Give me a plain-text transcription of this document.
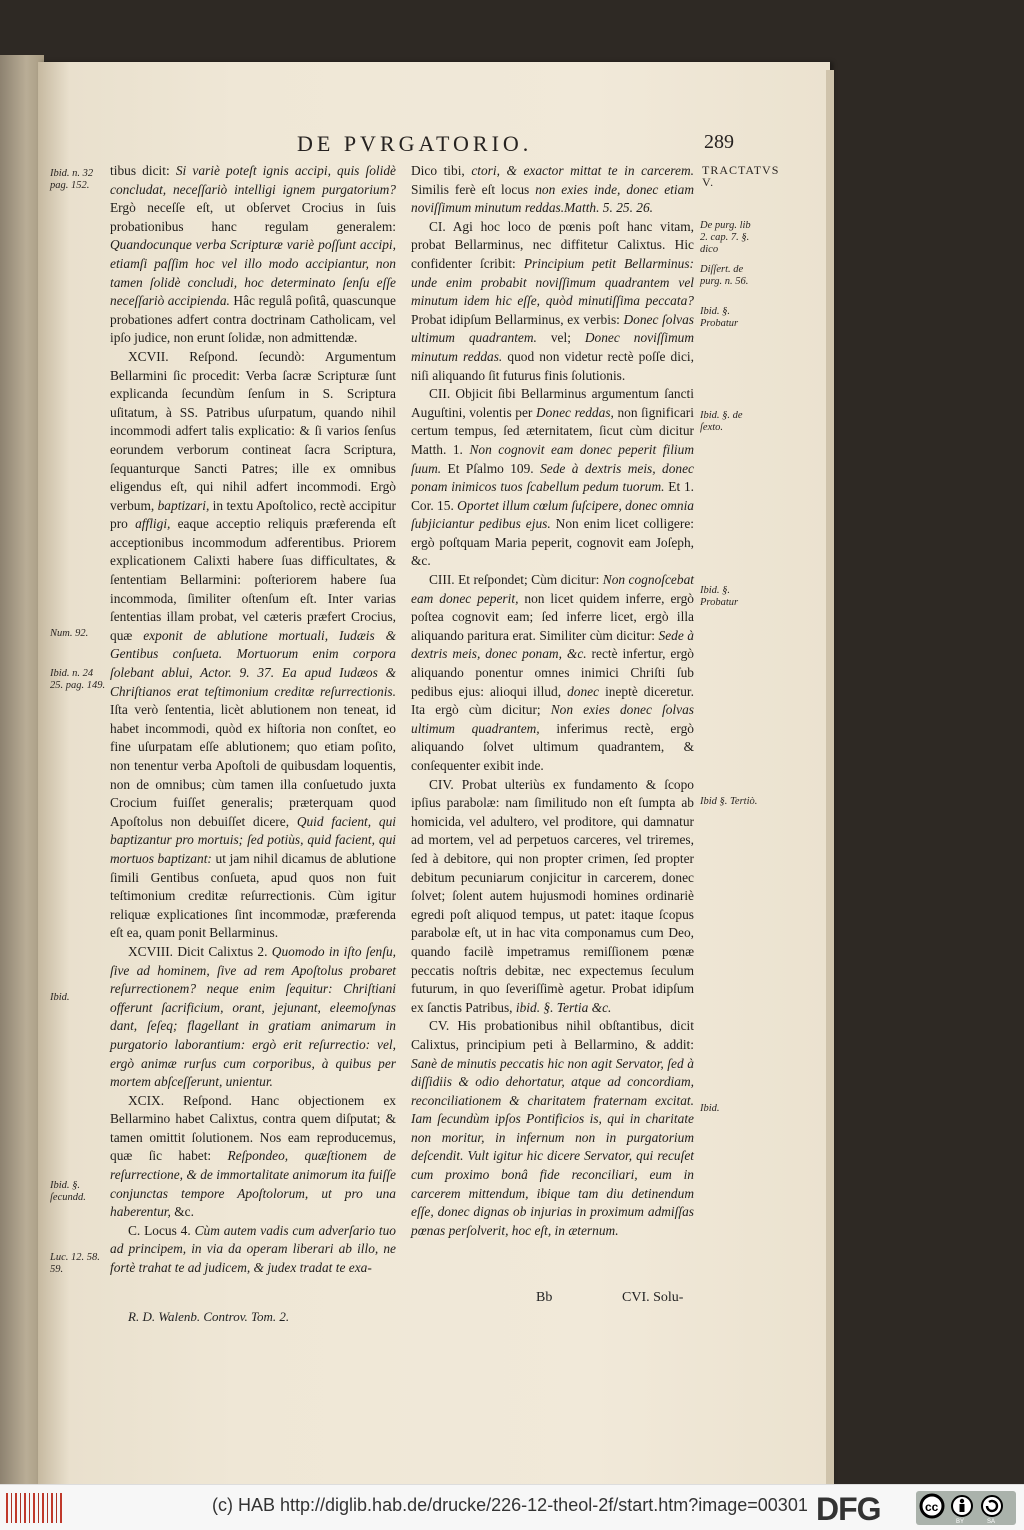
DE PVRGATORIO.	289
Ibid. n. 32 pag. 152.
Num. 92.
Ibid. n. 24 25. pag. 149.
Ibid.
Ibid. §. ſecundd.
Luc. 12. 58. 59.

tibus dicit: Si variè poteſt ignis accipi, quis ſolidè concludat, neceſſariò intelligi ignem purgatorium? Ergò neceſſe eſt, ut obſervet Crocius in ſuis probationibus hanc regulam generalem: Quandocunque verba Scripturæ variè poſſunt accipi, etiamſi paſſim hoc vel illo modo accipiantur, non tamen ſolidè concludi, hoc determinato ſenſu eſſe neceſſariò accipienda. Hâc regulâ poſitâ, quascunque probationes adfert contra doctrinam Catholicam, vel ipſo judice, non erunt ſolidæ, non admittendæ.

XCVII. Reſpond. ſecundò: Argumentum Bellarmini ſic procedit: Verba ſacræ Scripturæ ſunt explicanda ſecundùm ſenſum in S. Scriptura uſitatum, à SS. Patribus uſurpatum, quando nihil incommodi adfert talis explicatio: & ſi varios ſenſus eorundem verborum contineat ſacra Scriptura, ſequanturque Sancti Patres; ille ex omnibus eligendus eſt, qui nihil adfert incommodi. Ergò verbum, baptizari, in textu Apoſtolico, rectè accipitur pro affligi, eaque acceptio reliquis præferenda eſt acceptionibus incommodum adferentibus. Priorem explicationem Calixti habere ſuas difficultates, & ſententiam Bellarmini: poſteriorem habere ſua incommoda, ſimiliter oſtenſum eſt. Inter varias ſententias illam probat, vel cæteris præfert Crocius, quæ exponit de ablutione mortuali, Iudæis & Gentibus conſueta. Mortuorum enim corpora ſolebant ablui, Actor. 9. 37. Ea apud Iudæos & Chriſtianos erat teſtimonium creditæ reſurrectionis. Iſta verò ſententia, licèt ablutionem non teneat, id habet incommodi, quòd ex hiſtoria non conſtet, eo fine uſurpatam eſſe ablutionem; quo etiam poſito, non tenentur verba Apoſtoli de quibusdam loquentis, non de omnibus; cùm tamen illa conſuetudo juxta Crocium fuiſſet generalis; præterquam quod Apoſtolus non debuiſſet dicere, Quid facient, qui baptizantur pro mortuis; ſed potiùs, quid facient, qui mortuos baptizant: ut jam nihil dicamus de ablutione ſimili Gentibus conſueta, apud quos non fuit teſtimonium creditæ reſurrectionis. Cùm igitur reliquæ explicationes ſint incommodæ, præferenda eſt ea, quam ponit Bellarminus.

XCVIII. Dicit Calixtus 2. Quomodo in iſto ſenſu, ſive ad hominem, ſive ad rem Apoſtolus probaret reſurrectionem? neque enim ſequitur: Chriſtiani offerunt ſacrificium, orant, jejunant, eleemoſynas dant, ſeſeq; flagellant in gratiam animarum in purgatorio laborantium: ergò erit reſurrectio: vel, ergò animæ rurſus cum corporibus, à quibus per mortem abſceſſerunt, unientur.

XCIX. Reſpond. Hanc objectionem ex Bellarmino habet Calixtus, contra quem diſputat; & tamen omittit ſolutionem. Nos eam reproducemus, quæ ſic habet: Reſpondeo, quæſtionem de reſurrectione, & de immortalitate animorum ita fuiſſe conjunctas tempore Apoſtolorum, ut pro una haberentur, &c.

C. Locus 4. Cùm autem vadis cum adverſario tuo ad principem, in via da operam liberari ab illo, ne fortè trahat te ad judicem, & judex tradat te exa-

Dico tibi, ctori, & exactor mittat te in carcerem. Similis ferè eſt locus non exies inde, donec etiam noviſſimum minutum reddas.Matth. 5. 25. 26.

CI. Agi hoc loco de pœnis poſt hanc vitam, probat Bellarminus, nec diffitetur Calixtus. Hic confidenter ſcribit: Principium petit Bellarminus: unde enim probabit noviſſimum quadrantem vel minutum idem hic eſſe, quòd minutiſſima peccata? Probat idipſum Bellarminus, ex verbis: Donec ſolvas ultimum quadrantem. vel; Donec noviſſimum minutum reddas. quod non videtur rectè poſſe dici, niſi aliquando ſit futurus finis ſolutionis.

CII. Objicit ſibi Bellarminus argumentum ſancti Auguſtini, volentis per Donec reddas, non ſignificari certum tempus, ſed æternitatem, ſicut cùm dicitur Matth. 1. Non cognovit eam donec peperit filium ſuum. Et Pſalmo 109. Sede à dextris meis, donec ponam inimicos tuos ſcabellum pedum tuorum. Et 1. Cor. 15. Oportet illum cœlum ſuſcipere, donec omnia ſubjiciantur pedibus ejus. Non enim licet colligere: ergò poſtquam Maria peperit, cognovit eam Joſeph, &c.

CIII. Et reſpondet; Cùm dicitur: Non cognoſcebat eam donec peperit, non licet quidem inferre, ergò poſtea cognovit eam; ſed inferre licet, ergò illa aliquando paritura erat. Similiter cùm dicitur: Sede à dextris meis, donec ponam, &c. rectè infertur, ergò aliquando ponentur omnes inimici Chriſti ſub pedibus ejus: alioqui illud, donec ineptè diceretur. Ita ergò cùm dicitur; Non exies donec ſolvas ultimum quadrantem, inferimus rectè, ergò aliquando ſolvet ultimum quadrantem, & conſequenter exibit inde.

CIV. Probat ulteriùs ex fundamento & ſcopo ipſius parabolæ: nam ſimilitudo non eſt ſumpta ab homicida, vel adultero, vel proditore, qui damnatur ad mortem, vel ad perpetuos carceres, vel triremes, ſed à debitore, qui non propter crimen, ſed propter debitum pecuniarum conjicitur in carcerem, donec ſolvet; ſolent autem hujusmodi homines ordinariè egredi poſt aliquod tempus, ut patet: itaque ſcopus parabolæ eſt, ut in hac vita componamus cum Deo, quando facilè impetramus remiſſionem pœnæ peccatis noſtris debitæ, nec expectemus ſeculum futurum, in quo ſeveriſſimè agetur. Probat idipſum ex ſanctis Patribus, ibid. §. Tertia &c.

CV. His probationibus nihil obſtantibus, dicit Calixtus, principium peti à Bellarmino, & addit: Sanè de minutis peccatis hic non agit Servator, ſed à diſſidiis & odio dehortatur, atque ad concordiam, reconciliationem & charitatem fraternam excitat. Iam ſecundùm ipſos Pontificios is, qui in charitate non moritur, in infernum non in purgatorium deſcendit. Vult igitur hic dicere Servator, qui recuſet cum proximo bonâ fide reconciliari, eum in carcerem mittendum, ibique tam diu detinendum eſſe, donec dignas ob injurias in proximum admiſſas pœnas perſolverit, hoc eſt, in æternum.

TRACTATVS V.
De purg. lib 2. cap. 7. §. dico
Diſſert. de purg. n. 56.
Ibid. §. Probatur
Ibid. §. de ſexto.
Ibid. §. Probatur
Ibid §. Tertiò.
Ibid.
R. D. Walenb. Controv. Tom. 2.
Bb	CVI. Solu-
(c) HAB http://diglib.hab.de/drucke/226-12-theol-2f/start.htm?image=00301 DFG	cc
BY	SA
